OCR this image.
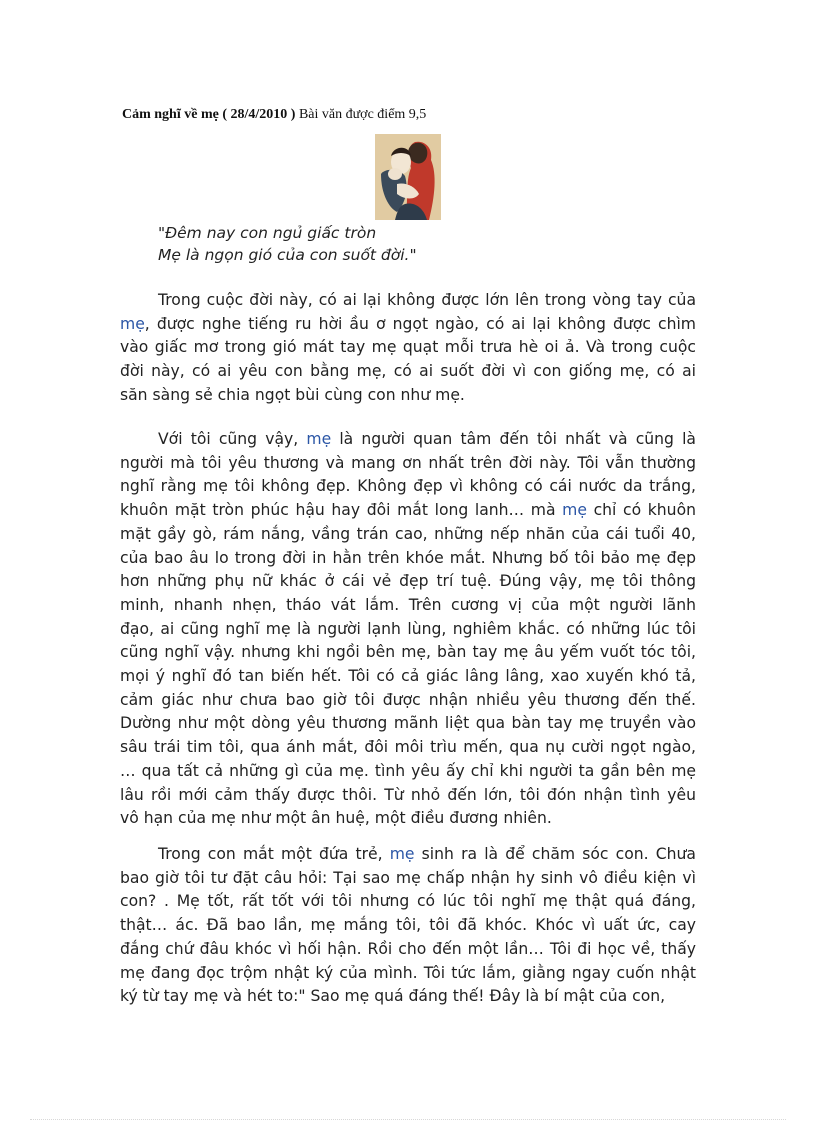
Cảm nghĩ về mẹ ( 28/4/2010 ) Bài văn được điểm 9,5
"Đêm nay con ngủ giấc tròn
Mẹ là ngọn gió của con suốt đời."
Trong cuộc đời này, có ai lại không được lớn lên trong vòng tay của
mẹ, được nghe tiếng ru hời ầu ơ ngọt ngào, có ai lại không được chìm
vào giấc mơ trong gió mát tay mẹ quạt mỗi trưa hè oi ả. Và trong cuộc
đời này, có ai yêu con bằng mẹ, có ai suốt đời vì con giống mẹ, có ai
săn sàng sẻ chia ngọt bùi cùng con như mẹ.
Với tôi cũng vậy, mẹ là người quan tâm đến tôi nhất và cũng là
người mà tôi yêu thương và mang ơn nhất trên đời này. Tôi vẫn thường
nghĩ rằng mẹ tôi không đẹp. Không đẹp vì không có cái nước da trắng,
khuôn mặt tròn phúc hậu hay đôi mắt long lanh… mà mẹ chỉ có khuôn
mặt gầy gò, rám nắng, vầng trán cao, những nếp nhăn của cái tuổi 40,
của bao âu lo trong đời in hằn trên khóe mắt. Nhưng bố tôi bảo mẹ đẹp
hơn những phụ nữ khác ở cái vẻ đẹp trí tuệ. Đúng vậy, mẹ tôi thông
minh, nhanh nhẹn, tháo vát lắm. Trên cương vị của một người lãnh
đạo, ai cũng nghĩ mẹ là người lạnh lùng, nghiêm khắc. có những lúc tôi
cũng nghĩ vậy. nhưng khi ngồi bên mẹ, bàn tay mẹ âu yếm vuốt tóc tôi,
mọi ý nghĩ đó tan biến hết. Tôi có cả giác lâng lâng, xao xuyến khó tả,
cảm giác như chưa bao giờ tôi được nhận nhiều yêu thương đến thế.
Dường như một dòng yêu thương mãnh liệt qua bàn tay mẹ truyền vào
sâu trái tim tôi, qua ánh mắt, đôi môi trìu mến, qua nụ cười ngọt ngào,
… qua tất cả những gì của mẹ. tình yêu ấy chỉ khi người ta gần bên mẹ
lâu rồi mới cảm thấy được thôi. Từ nhỏ đến lớn, tôi đón nhận tình yêu
vô hạn của mẹ như một ân huệ, một điều đương nhiên.
Trong con mắt một đứa trẻ, mẹ sinh ra là để chăm sóc con. Chưa
bao giờ tôi tư đặt câu hỏi: Tại sao mẹ chấp nhận hy sinh vô điều kiện vì
con? . Mẹ tốt, rất tốt với tôi nhưng có lúc tôi nghĩ mẹ thật quá đáng,
thật… ác. Đã bao lần, mẹ mắng tôi, tôi đã khóc. Khóc vì uất ức, cay
đắng chứ đâu khóc vì hối hận. Rồi cho đến một lần… Tôi đi học về, thấy
mẹ đang đọc trộm nhật ký của mình. Tôi tức lắm, giằng ngay cuốn nhật
ký từ tay mẹ và hét to:" Sao mẹ quá đáng thế! Đây là bí mật của con,
